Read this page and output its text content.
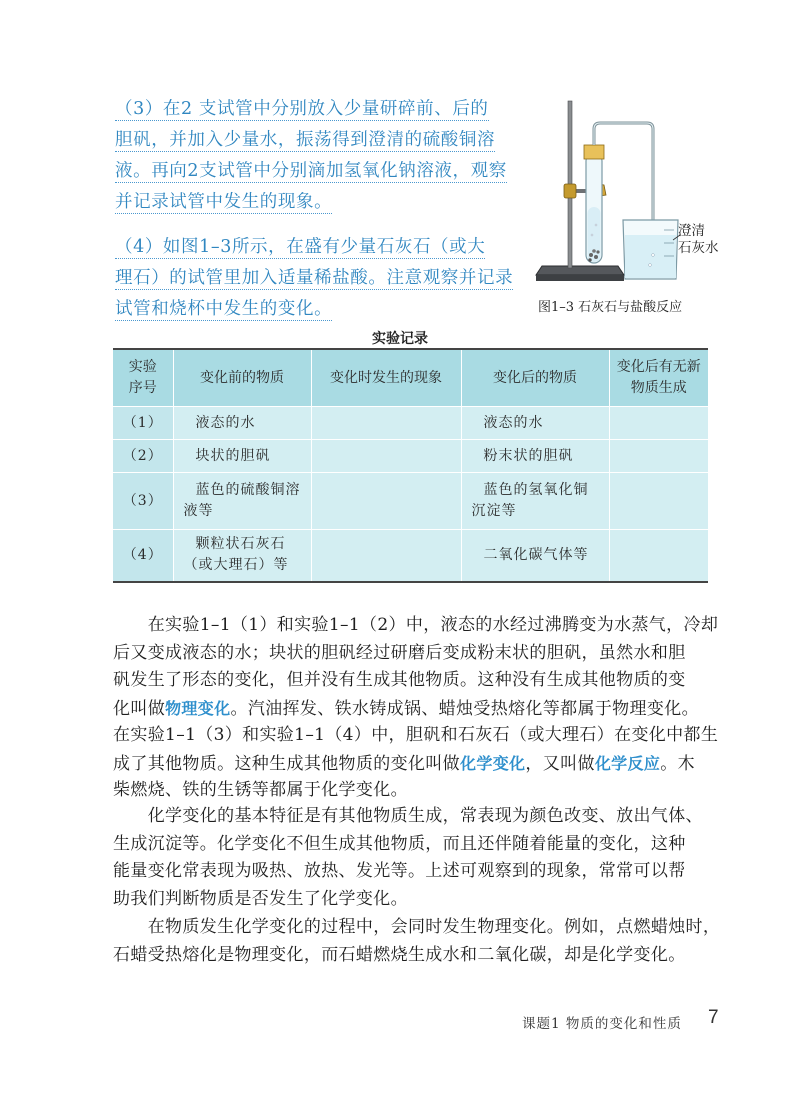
（3）在2 支试管中分别放入少量研碎前、后的
胆矾，并加入少量水，振荡得到澄清的硫酸铜溶
液。再向2支试管中分别滴加氢氧化钠溶液，观察
并记录试管中发生的现象。
（4）如图1–3所示，在盛有少量石灰石（或大
理石）的试管里加入适量稀盐酸。注意观察并记录
试管和烧杯中发生的变化。
澄清
石灰水
图1–3 石灰石与盐酸反应
实验记录
实验
序号	变化前的物质	变化时发生的现象	变化后的物质	变化后有无新
物质生成
（1）	液态的水		液态的水	
（2）	块状的胆矾		粉末状的胆矾	
（3）	蓝色的硫酸铜溶
液等		蓝色的氢氧化铜
沉淀等	
（4）	颗粒状石灰石
（或大理石）等		二氧化碳气体等	
　　在实验1–1（1）和实验1–1（2）中，液态的水经过沸腾变为水蒸气，冷却
后又变成液态的水；块状的胆矾经过研磨后变成粉末状的胆矾，虽然水和胆
矾发生了形态的变化，但并没有生成其他物质。这种没有生成其他物质的变
化叫做物理变化。汽油挥发、铁水铸成锅、蜡烛受热熔化等都属于物理变化。
在实验1–1（3）和实验1–1（4）中，胆矾和石灰石（或大理石）在变化中都生
成了其他物质。这种生成其他物质的变化叫做化学变化，又叫做化学反应。木
柴燃烧、铁的生锈等都属于化学变化。
　　化学变化的基本特征是有其他物质生成，常表现为颜色改变、放出气体、
生成沉淀等。化学变化不但生成其他物质，而且还伴随着能量的变化，这种
能量变化常表现为吸热、放热、发光等。上述可观察到的现象，常常可以帮
助我们判断物质是否发生了化学变化。
　　在物质发生化学变化的过程中，会同时发生物理变化。例如，点燃蜡烛时，
石蜡受热熔化是物理变化，而石蜡燃烧生成水和二氧化碳，却是化学变化。
课题1 物质的变化和性质 7
